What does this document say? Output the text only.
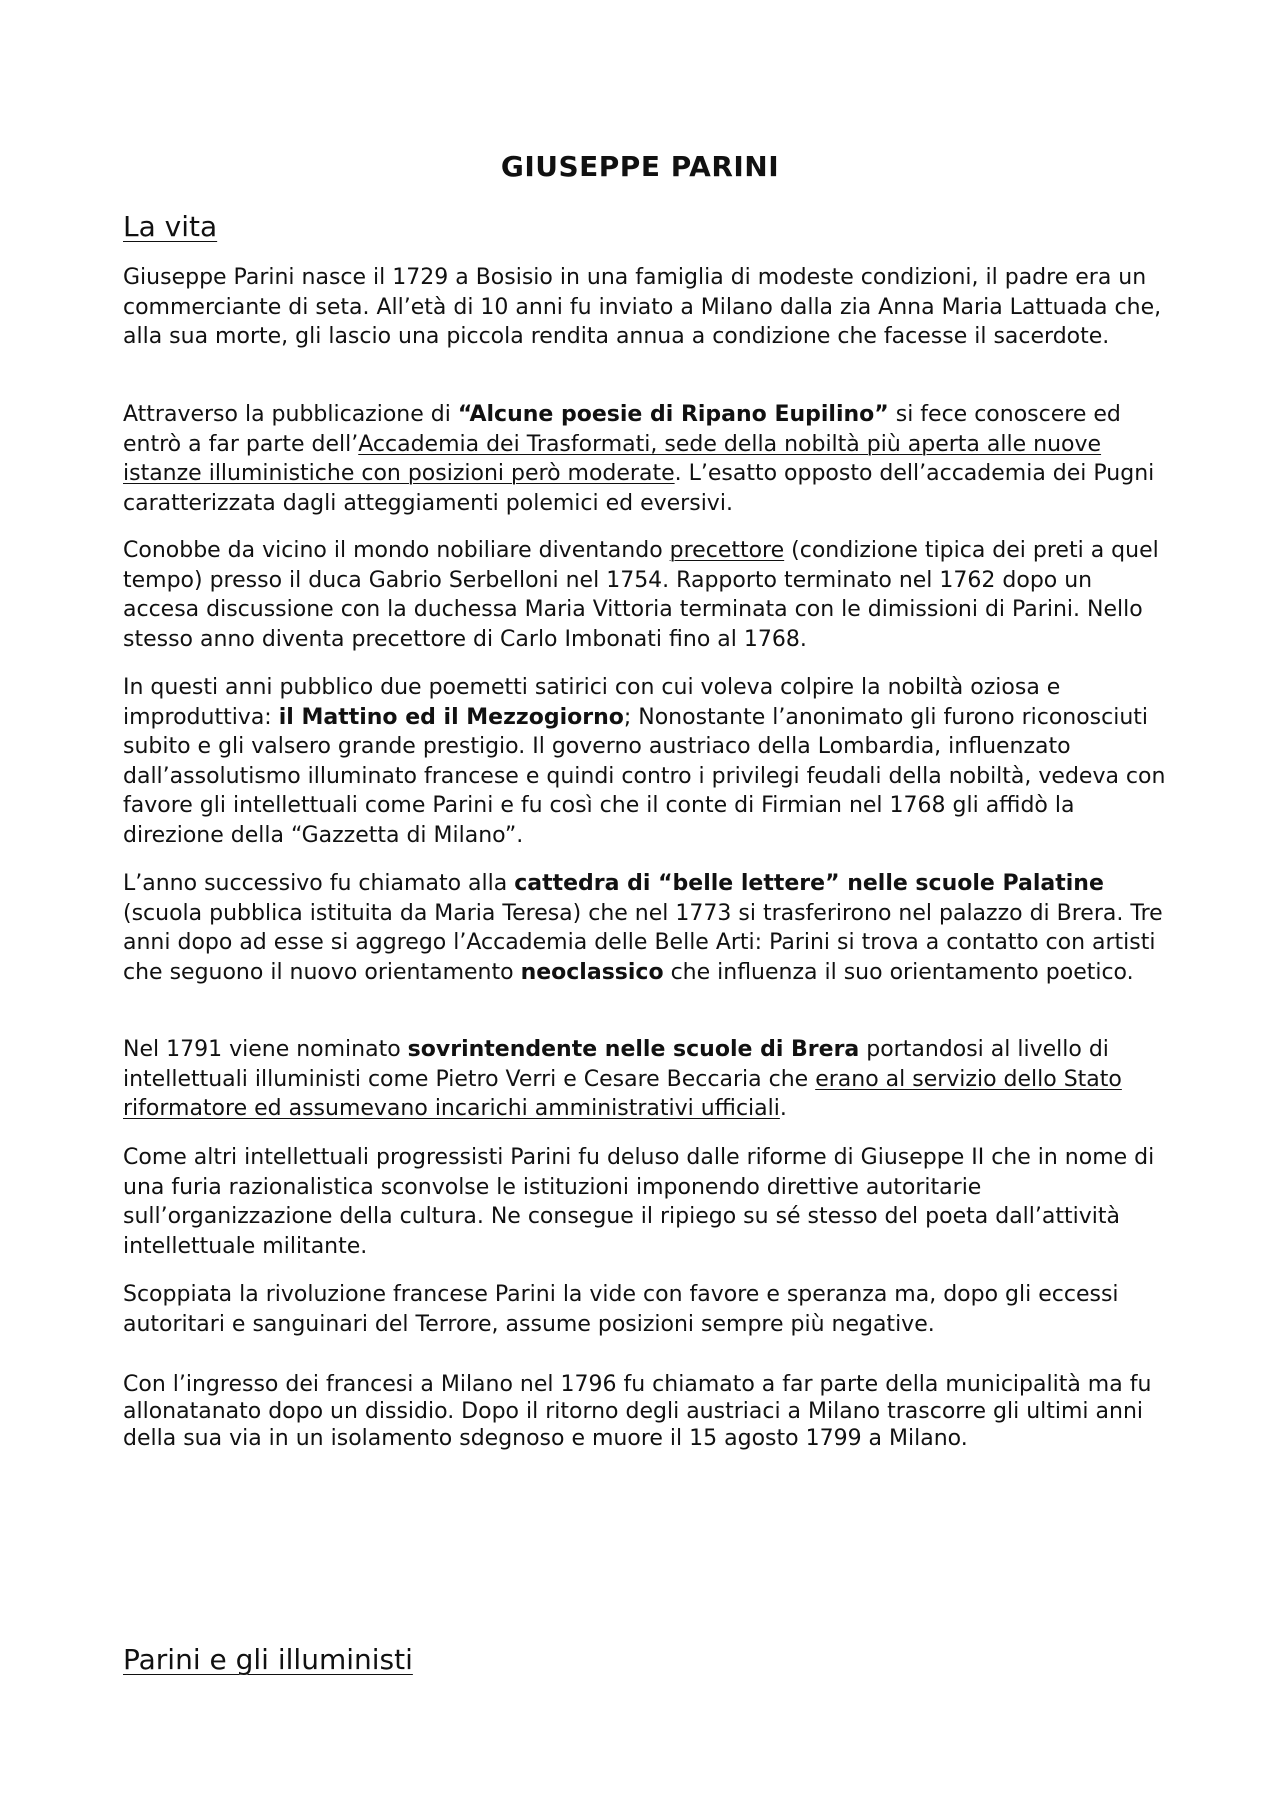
GIUSEPPE PARINI
La vita
Giuseppe Parini nasce il 1729 a Bosisio in una famiglia di modeste condizioni, il padre era un commerciante di seta. All’età di 10 anni fu inviato a Milano dalla zia Anna Maria Lattuada che, alla sua morte, gli lascio una piccola rendita annua a condizione che facesse il sacerdote.
Attraverso la pubblicazione di “Alcune poesie di Ripano Eupilino” si fece conoscere ed entrò a far parte dell’Accademia dei Trasformati, sede della nobiltà più aperta alle nuove istanze illuministiche con posizioni però moderate. L’esatto opposto dell’accademia dei Pugni caratterizzata dagli atteggiamenti polemici ed eversivi.
Conobbe da vicino il mondo nobiliare diventando precettore (condizione tipica dei preti a quel tempo) presso il duca Gabrio Serbelloni nel 1754. Rapporto terminato nel 1762 dopo un accesa discussione con la duchessa Maria Vittoria terminata con le dimissioni di Parini. Nello stesso anno diventa precettore di Carlo Imbonati fino al 1768.
In questi anni pubblico due poemetti satirici con cui voleva colpire la nobiltà oziosa e improduttiva: il Mattino ed il Mezzogiorno; Nonostante l’anonimato gli furono riconosciuti subito e gli valsero grande prestigio. Il governo austriaco della Lombardia, influenzato dall’assolutismo illuminato francese e quindi contro i privilegi feudali della nobiltà, vedeva con favore gli intellettuali come Parini e fu così che il conte di Firmian nel 1768 gli affidò la direzione della “Gazzetta di Milano”.
L’anno successivo fu chiamato alla cattedra di “belle lettere” nelle scuole Palatine (scuola pubblica istituita da Maria Teresa) che nel 1773 si trasferirono nel palazzo di Brera. Tre anni dopo ad esse si aggrego l’Accademia delle Belle Arti: Parini si trova a contatto con artisti che seguono il nuovo orientamento neoclassico che influenza il suo orientamento poetico.
Nel 1791 viene nominato sovrintendente nelle scuole di Brera portandosi al livello di intellettuali illuministi come Pietro Verri e Cesare Beccaria che erano al servizio dello Stato riformatore ed assumevano incarichi amministrativi ufficiali.
Come altri intellettuali progressisti Parini fu deluso dalle riforme di Giuseppe II che in nome di una furia razionalistica sconvolse le istituzioni imponendo direttive autoritarie sull’organizzazione della cultura. Ne consegue il ripiego su sé stesso del poeta dall’attività intellettuale militante.
Scoppiata la rivoluzione francese Parini la vide con favore e speranza ma, dopo gli eccessi autoritari e sanguinari del Terrore, assume posizioni sempre più negative.
Con l’ingresso dei francesi a Milano nel 1796 fu chiamato a far parte della municipalità ma fu allonatanato dopo un dissidio. Dopo il ritorno degli austriaci a Milano trascorre gli ultimi anni della sua via in un isolamento sdegnoso e muore il 15 agosto 1799 a Milano.
Parini e gli illuministi
